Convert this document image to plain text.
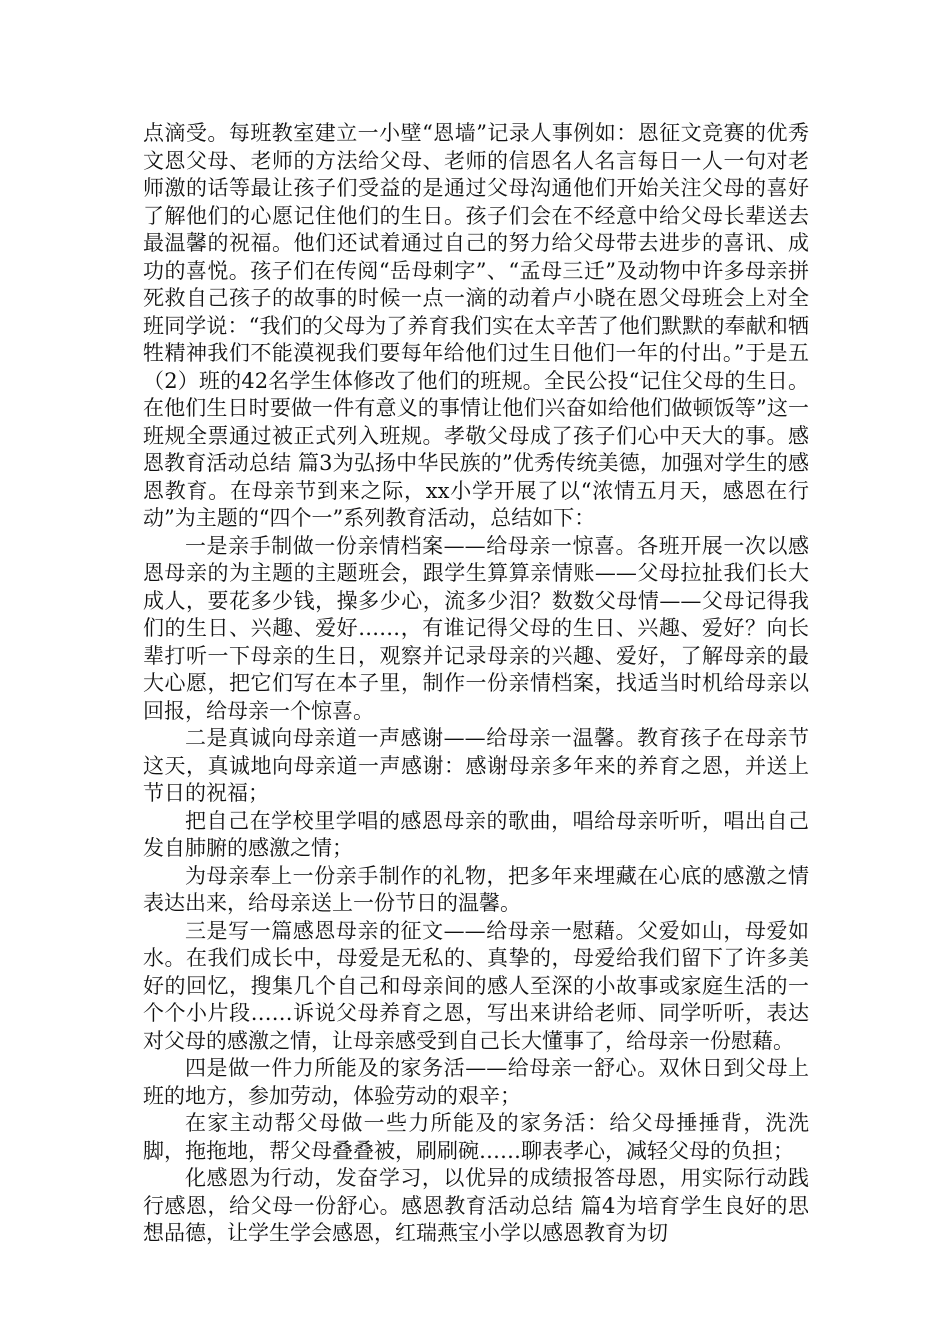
点滴受。每班教室建立一小壁“恩墙”记录人事例如：恩征文竞赛的优秀文恩父母、老师的方法给父母、老师的信恩名人名言每日一人一句对老师激的话等最让孩子们受益的是通过父母沟通他们开始关注父母的喜好了解他们的心愿记住他们的生日。孩子们会在不经意中给父母长辈送去最温馨的祝福。他们还试着通过自己的努力给父母带去进步的喜讯、成功的喜悦。孩子们在传阅“岳母刺字”、“孟母三迁”及动物中许多母亲拼死救自己孩子的故事的时候一点一滴的动着卢小晓在恩父母班会上对全班同学说：“我们的父母为了养育我们实在太辛苦了他们默默的奉献和牺牲精神我们不能漠视我们要每年给他们过生日他们一年的付出。”于是五（2）班的42名学生体修改了他们的班规。全民公投“记住父母的生日。在他们生日时要做一件有意义的事情让他们兴奋如给他们做顿饭等”这一班规全票通过被正式列入班规。孝敬父母成了孩子们心中天大的事。感恩教育活动总结 篇3为弘扬中华民族的”优秀传统美德，加强对学生的感恩教育。在母亲节到来之际，xx小学开展了以“浓情五月天，感恩在行动”为主题的“四个一”系列教育活动，总结如下：

一是亲手制做一份亲情档案——给母亲一惊喜。各班开展一次以感恩母亲的为主题的主题班会，跟学生算算亲情账——父母拉扯我们长大成人，要花多少钱，操多少心，流多少泪？数数父母情——父母记得我们的生日、兴趣、爱好……，有谁记得父母的生日、兴趣、爱好？向长辈打听一下母亲的生日，观察并记录母亲的兴趣、爱好，了解母亲的最大心愿，把它们写在本子里，制作一份亲情档案，找适当时机给母亲以回报，给母亲一个惊喜。

二是真诚向母亲道一声感谢——给母亲一温馨。教育孩子在母亲节这天，真诚地向母亲道一声感谢：感谢母亲多年来的养育之恩，并送上节日的祝福；

把自己在学校里学唱的感恩母亲的歌曲，唱给母亲听听，唱出自己发自肺腑的感激之情；

为母亲奉上一份亲手制作的礼物，把多年来埋藏在心底的感激之情表达出来，给母亲送上一份节日的温馨。

三是写一篇感恩母亲的征文——给母亲一慰藉。父爱如山，母爱如水。在我们成长中，母爱是无私的、真挚的，母爱给我们留下了许多美好的回忆，搜集几个自己和母亲间的感人至深的小故事或家庭生活的一个个小片段……诉说父母养育之恩，写出来讲给老师、同学听听，表达对父母的感激之情，让母亲感受到自己长大懂事了，给母亲一份慰藉。

四是做一件力所能及的家务活——给母亲一舒心。双休日到父母上班的地方，参加劳动，体验劳动的艰辛；

在家主动帮父母做一些力所能及的家务活：给父母捶捶背，洗洗脚，拖拖地，帮父母叠叠被，刷刷碗……聊表孝心，减轻父母的负担；

化感恩为行动，发奋学习，以优异的成绩报答母恩，用实际行动践行感恩，给父母一份舒心。感恩教育活动总结 篇4为培育学生良好的思想品德，让学生学会感恩，红瑞燕宝小学以感恩教育为切
